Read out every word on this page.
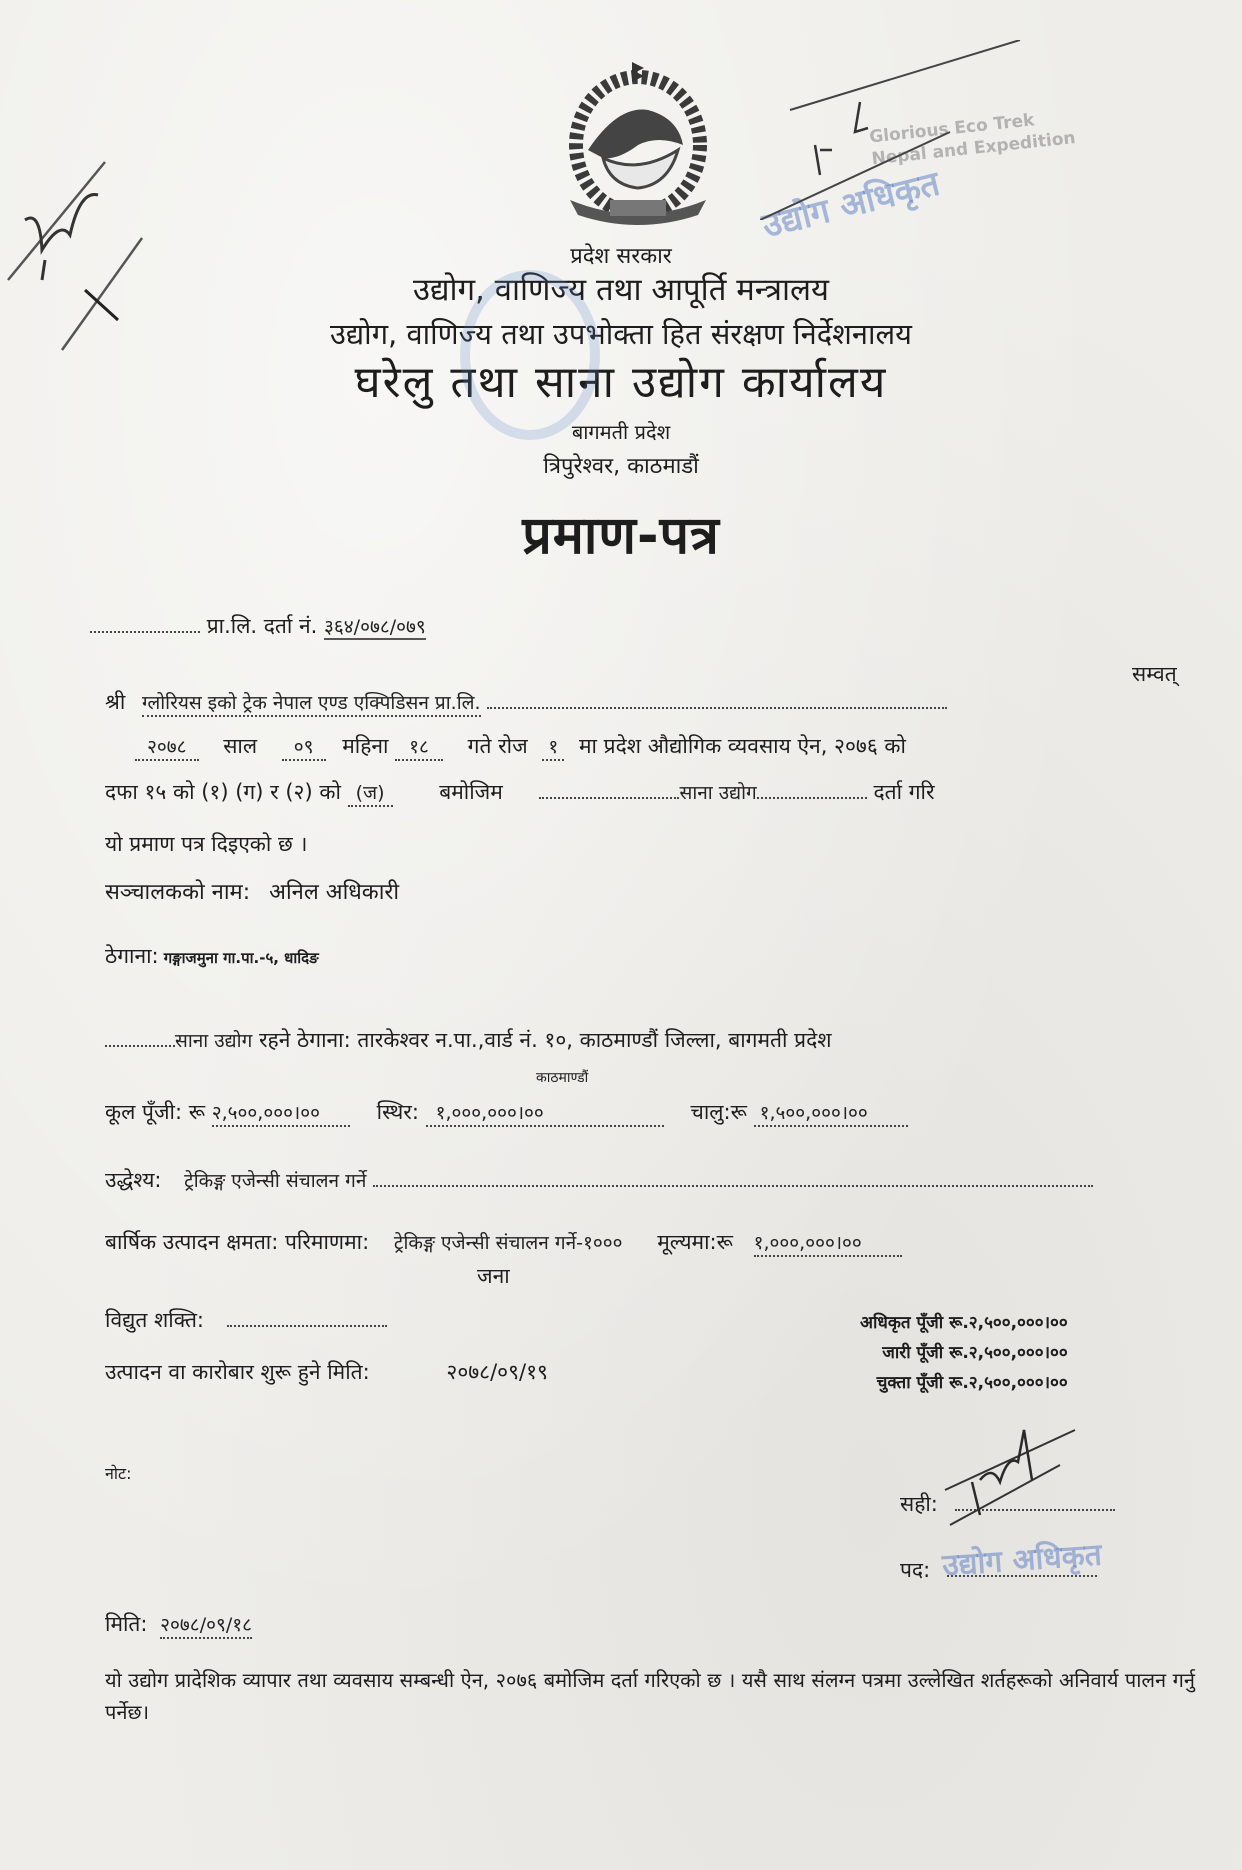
प्रदेश सरकार
उद्योग, वाणिज्य तथा आपूर्ति मन्त्रालय
उद्योग, वाणिज्य तथा उपभोक्ता हित संरक्षण निर्देशनालय
घरेलु तथा साना उद्योग कार्यालय
बागमती प्रदेश
त्रिपुरेश्वर, काठमाडौं
प्रमाण-पत्र
प्रा.लि. दर्ता नं. ३६४/०७८/०७९
श्री ग्लोरियस इको ट्रेक नेपाल एण्ड एक्पिडिसन प्रा.लि.
सम्वत्
२०७८ साल ०९ महिना १८ गते रोज १ मा प्रदेश औद्योगिक व्यवसाय ऐन, २०७६ को
दफा १५ को (१) (ग) र (२) को (ज)	बमोजिम	साना उद्योग	दर्ता गरि
यो प्रमाण पत्र दिइएको छ ।
सञ्चालकको नाम: अनिल अधिकारी
ठेगाना: गङ्गाजमुना गा.पा.-५, धादिङ
साना उद्योग रहने ठेगाना: तारकेश्वर न.पा.,वार्ड नं. १०, काठमाण्डौं जिल्ला, बागमती प्रदेश
काठमाण्डौं
कूल पूँजी: रू २,५००,०००।००	स्थिर: १,०००,०००।००	चालु:रू १,५००,०००।००
उद्धेश्य: ट्रेकिङ्ग एजेन्सी संचालन गर्ने
बार्षिक उत्पादन क्षमता: परिमाणमा: ट्रेकिङ्ग एजेन्सी संचालन गर्ने-१००० मूल्यमा:रू १,०००,०००।००
जना
विद्युत शक्ति:
उत्पादन वा कारोबार शुरू हुने मिति:	२०७८/०९/१९
अधिकृत पूँजी रू.२,५००,०००।००
जारी पूँजी रू.२,५००,०००।००
चुक्ता पूँजी रू.२,५००,०००।००
नोट:
सही:
पद: उद्योग अधिकृत
मिति: २०७८/०९/१८
यो उद्योग प्रादेशिक व्यापार तथा व्यवसाय सम्बन्धी ऐन, २०७६ बमोजिम दर्ता गरिएको छ । यसै साथ संलग्न पत्रमा उल्लेखित शर्तहरूको अनिवार्य पालन गर्नु पर्नेछ।
Glorious Eco Trek Nepal and Expedition
उद्योग अधिकृत
